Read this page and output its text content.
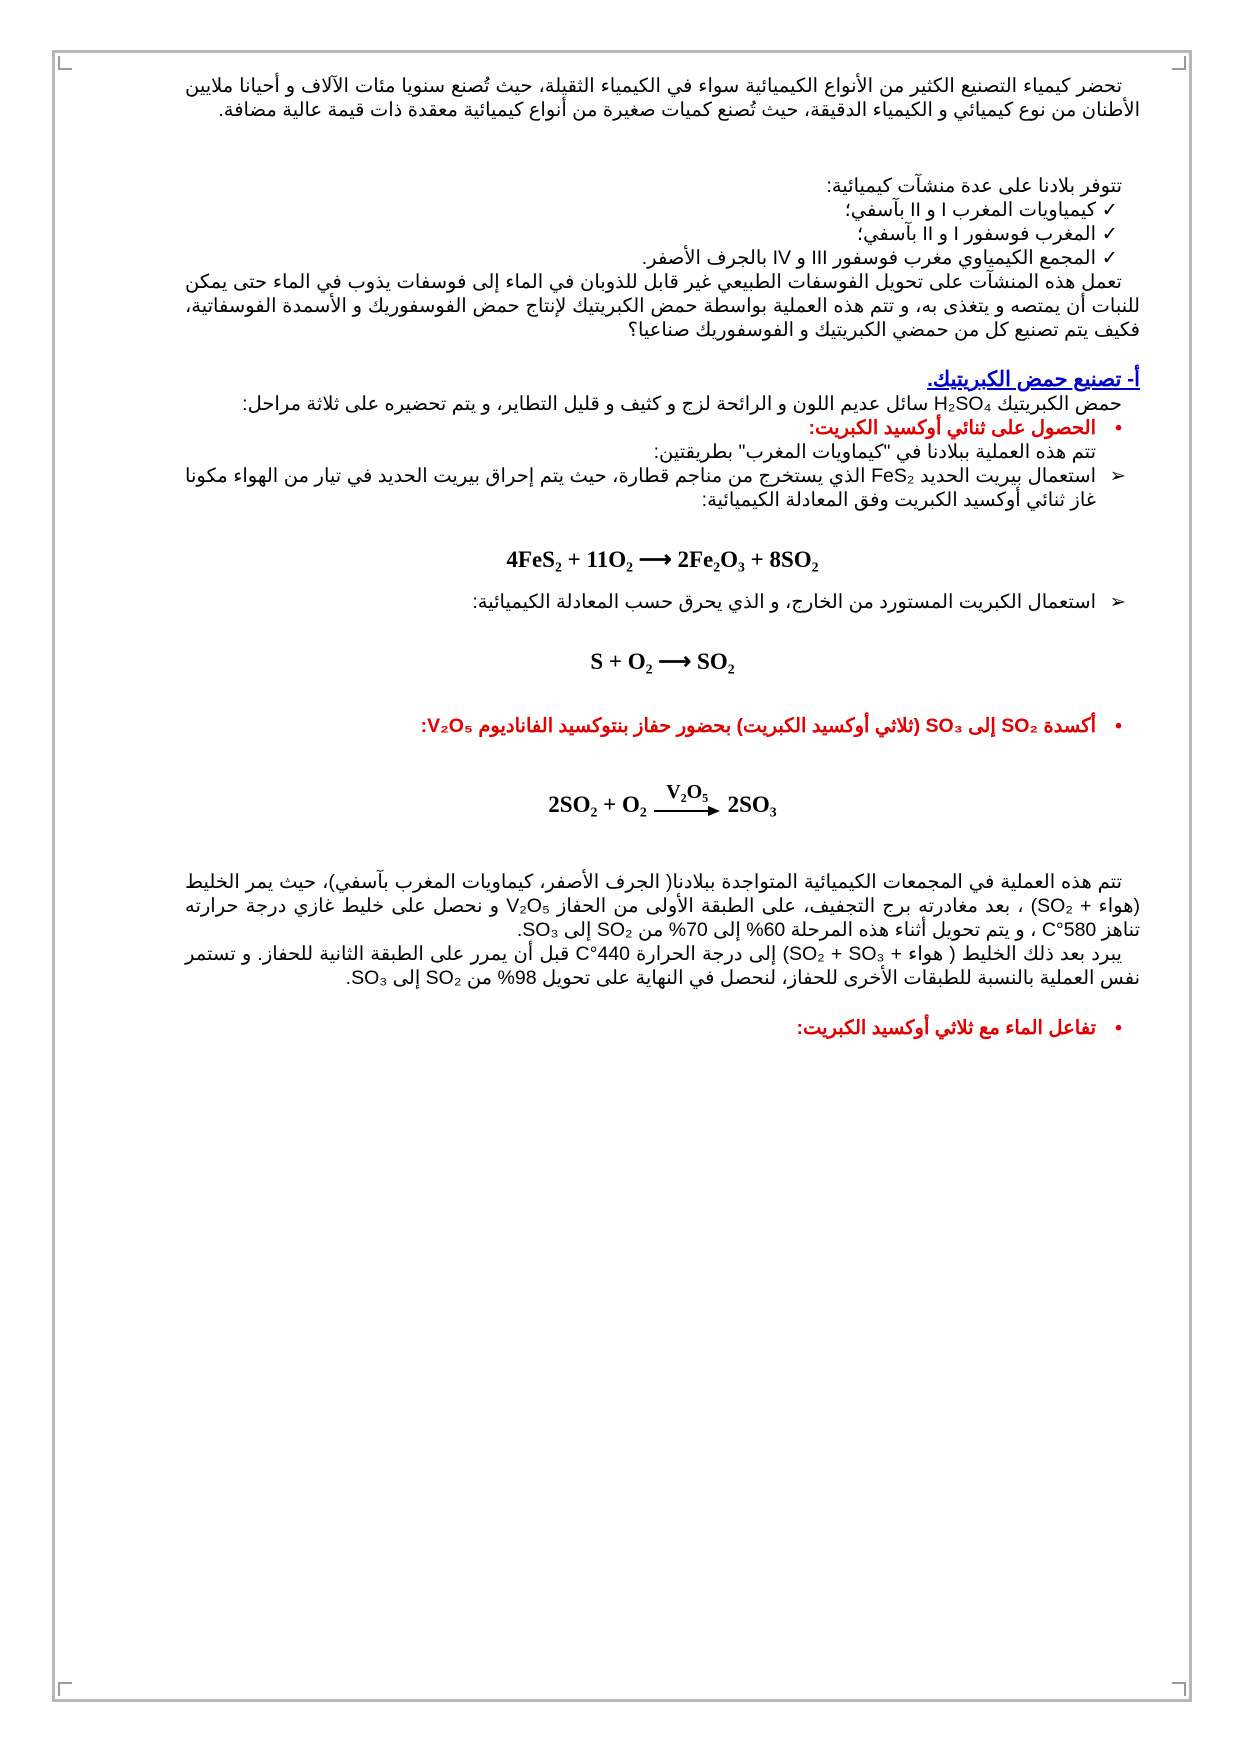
تحضر كيمياء التصنيع الكثير من الأنواع الكيميائية سواء في الكيمياء الثقيلة، حيث تُصنع سنويا مئات الآلاف و أحيانا ملايين الأطنان من نوع كيميائي و الكيمياء الدقيقة، حيث تُصنع كميات صغيرة من أنواع كيميائية معقدة ذات قيمة عالية مضافة.

تتوفر بلادنا على عدة منشآت كيميائية:

✓
كيمياويات المغرب I و II بآسفي؛
✓
المغرب فوسفور I و II بآسفي؛
✓
المجمع الكيمياوي مغرب فوسفور III و IV بالجرف الأصفر.

تعمل هذه المنشآت على تحويل الفوسفات الطبيعي غير قابل للذوبان في الماء إلى فوسفات يذوب في الماء حتى يمكن للنبات أن يمتصه و يتغذى به، و تتم هذه العملية بواسطة حمض الكبريتيك لإنتاج حمض الفوسفوريك و الأسمدة الفوسفاتية، فكيف يتم تصنيع كل من حمضي الكبريتيك و الفوسفوريك صناعيا؟

أ- تصنيع حمض الكبريتيك.

حمض الكبريتيك H₂SO₄ سائل عديم اللون و الرائحة لزج و كثيف و قليل التطاير، و يتم تحضيره على ثلاثة مراحل:

•
الحصول على ثنائي أوكسيد الكبريت:

تتم هذه العملية ببلادنا في "كيماويات المغرب" بطريقتين:

➢
استعمال بيريت الحديد FeS₂ الذي يستخرج من مناجم قطارة، حيث يتم إحراق بيريت الحديد في تيار من الهواء مكونا غاز ثنائي أوكسيد الكبريت وفق المعادلة الكيميائية:

4FeS₂ + 11O₂ ⟶ 2Fe₂O₃ + 8SO₂

➢
استعمال الكبريت المستورد من الخارج، و الذي يحرق حسب المعادلة الكيميائية:

S + O₂ ⟶ SO₂

•
أكسدة SO₂ إلى SO₃ (ثلاثي أوكسيد الكبريت) بحضور حفاز بنتوكسيد الفاناديوم V₂O₅:

2SO₂ + O₂ V₂O₅ 2SO₃

تتم هذه العملية في المجمعات الكيميائية المتواجدة ببلادنا( الجرف الأصفر، كيماويات المغرب بآسفي)، حيث يمر الخليط (هواء + SO₂) ، بعد مغادرته برج التجفيف، على الطبقة الأولى من الحفاز V₂O₅ و نحصل على خليط غازي درجة حرارته تناهز 580°C ، و يتم تحويل أثناء هذه المرحلة 60% إلى 70% من SO₂ إلى SO₃.

يبرد بعد ذلك الخليط ( هواء + SO₂ + SO₃) إلى درجة الحرارة 440°C قبل أن يمرر على الطبقة الثانية للحفاز. و تستمر نفس العملية بالنسبة للطبقات الأخرى للحفاز، لنحصل في النهاية على تحويل 98% من SO₂ إلى SO₃.

•
تفاعل الماء مع ثلاثي أوكسيد الكبريت:
